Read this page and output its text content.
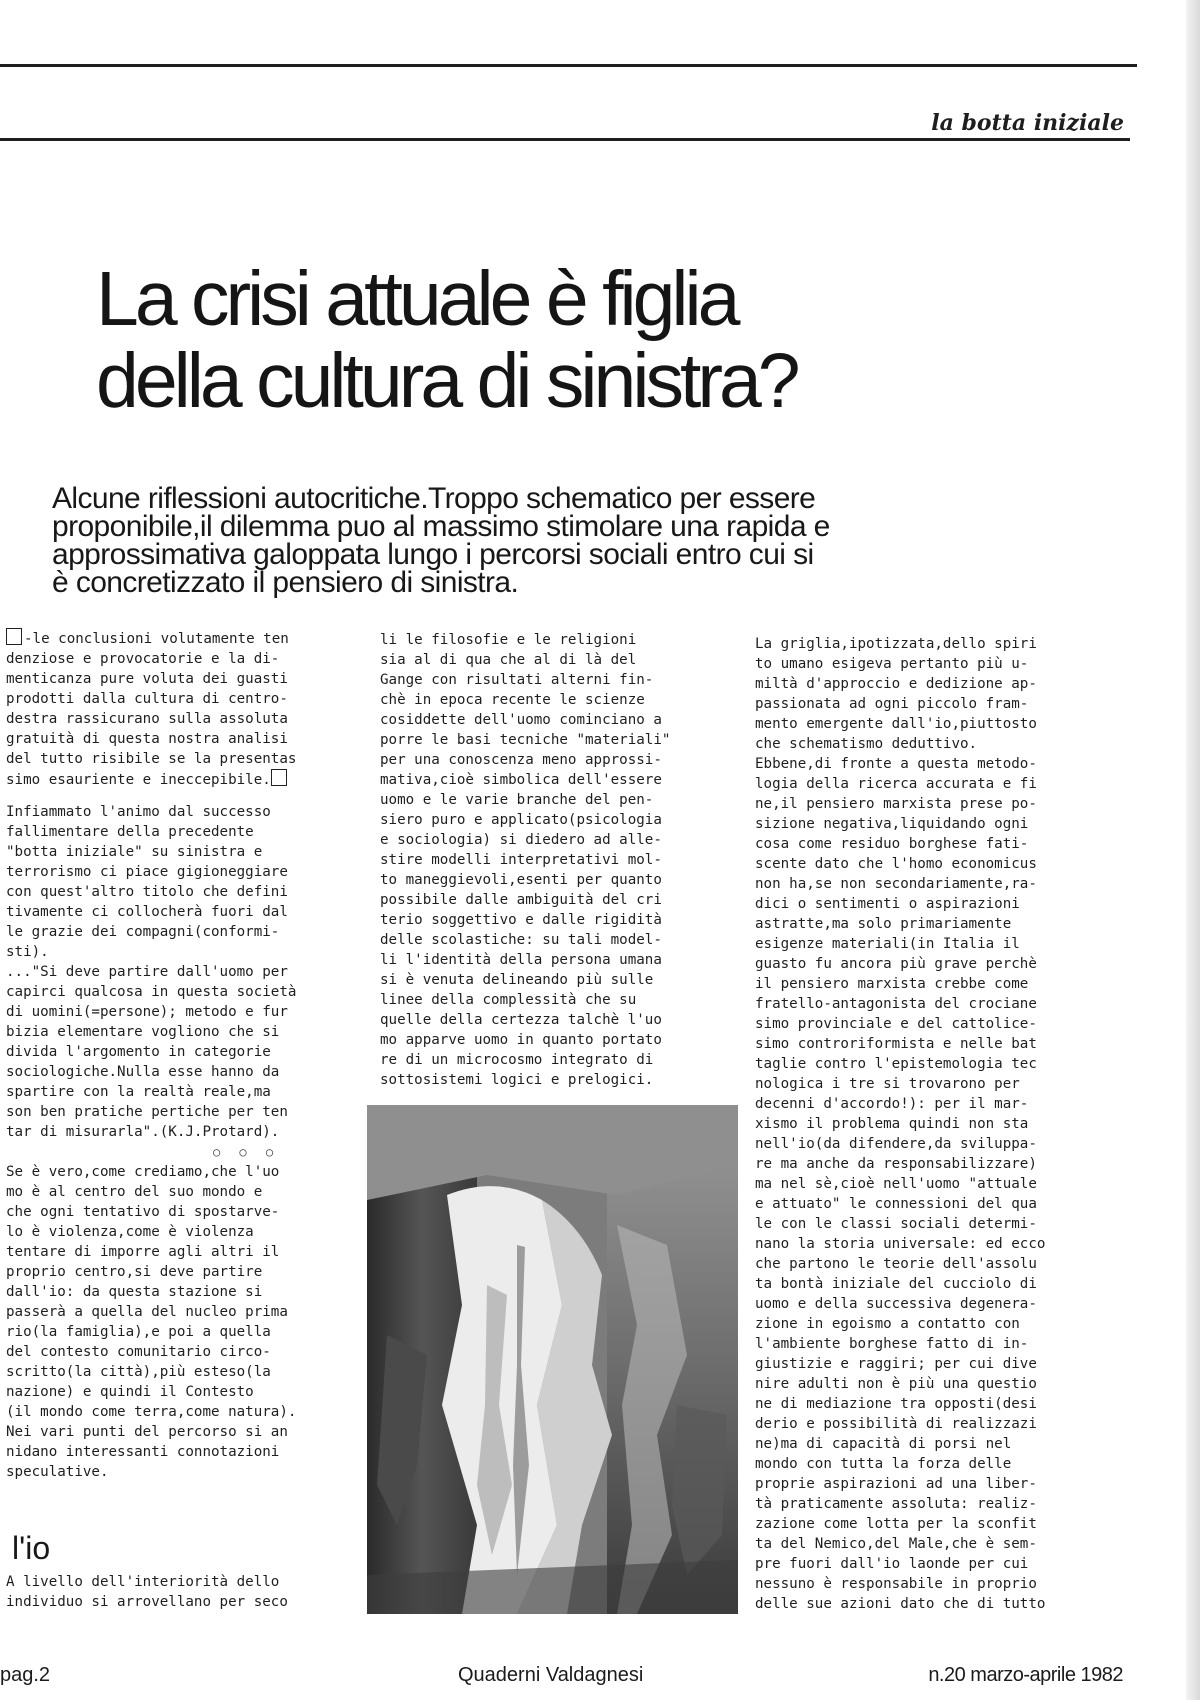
la botta iniziale
La crisi attuale è figlia
della cultura di sinistra?

Alcune riflessioni autocritiche.Troppo schematico per essere
proponibile,il dilemma puo al massimo stimolare una rapida e
approssimativa galoppata lungo i percorsi sociali entro cui si
è concretizzato il pensiero di sinistra.

-le conclusioni volutamente ten
denziose e provocatorie e la di-
menticanza pure voluta dei guasti
prodotti dalla cultura di centro-
destra rassicurano sulla assoluta
gratuità di questa nostra analisi
del tutto risibile se la presentas
simo esauriente e ineccepibile.
Infiammato l'animo dal successo
fallimentare della precedente
"botta iniziale" su sinistra e
terrorismo ci piace gigioneggiare
con quest'altro titolo che defini
tivamente ci collocherà fuori dal
le grazie dei compagni(conformi-
sti).
..."Si deve partire dall'uomo per
capirci qualcosa in questa società
di uomini(=persone); metodo e fur
bizia elementare vogliono che si
divida l'argomento in categorie
sociologiche.Nulla esse hanno da
spartire con la realtà reale,ma
son ben pratiche pertiche per ten
tar di misurarla".(K.J.Protard).
○ ○ ○
Se è vero,come crediamo,che l'uo
mo è al centro del suo mondo e
che ogni tentativo di spostarve-
lo è violenza,come è violenza
tentare di imporre agli altri il
proprio centro,si deve partire
dall'io: da questa stazione si
passerà a quella del nucleo prima
rio(la famiglia),e poi a quella
del contesto comunitario circo-
scritto(la città),più esteso(la
nazione) e quindi il Contesto
(il mondo come terra,come natura).
Nei vari punti del percorso si an
nidano interessanti connotazioni
speculative.
l'io
A livello dell'interiorità dello
individuo si arrovellano per seco
li le filosofie e le religioni
sia al di qua che al di là del
Gange con risultati alterni fin-
chè in epoca recente le scienze
cosiddette dell'uomo cominciano a
porre le basi tecniche "materiali"
per una conoscenza meno approssi-
mativa,cioè simbolica dell'essere
uomo e le varie branche del pen-
siero puro e applicato(psicologia
e sociologia) si diedero ad alle-
stire modelli interpretativi mol-
to maneggievoli,esenti per quanto
possibile dalle ambiguità del cri
terio soggettivo e dalle rigidità
delle scolastiche: su tali model-
li l'identità della persona umana
si è venuta delineando più sulle
linee della complessità che su
quelle della certezza talchè l'uo
mo apparve uomo in quanto portato
re di un microcosmo integrato di
sottosistemi logici e prelogici.
La griglia,ipotizzata,dello spiri
to umano esigeva pertanto più u-
miltà d'approccio e dedizione ap-
passionata ad ogni piccolo fram-
mento emergente dall'io,piuttosto
che schematismo deduttivo.
Ebbene,di fronte a questa metodo-
logia della ricerca accurata e fi
ne,il pensiero marxista prese po-
sizione negativa,liquidando ogni
cosa come residuo borghese fati-
scente dato che l'homo economicus
non ha,se non secondariamente,ra-
dici o sentimenti o aspirazioni
astratte,ma solo primariamente
esigenze materiali(in Italia il
guasto fu ancora più grave perchè
il pensiero marxista crebbe come
fratello-antagonista del crociane
simo provinciale e del cattolice-
simo controriformista e nelle bat
taglie contro l'epistemologia tec
nologica i tre si trovarono per
decenni d'accordo!): per il mar-
xismo il problema quindi non sta
nell'io(da difendere,da sviluppa-
re ma anche da responsabilizzare)
ma nel sè,cioè nell'uomo "attuale
e attuato" le connessioni del qua
le con le classi sociali determi-
nano la storia universale: ed ecco
che partono le teorie dell'assolu
ta bontà iniziale del cucciolo di
uomo e della successiva degenera-
zione in egoismo a contatto con
l'ambiente borghese fatto di in-
giustizie e raggiri; per cui dive
nire adulti non è più una questio
ne di mediazione tra opposti(desi
derio e possibilità di realizzazi
ne)ma di capacità di porsi nel
mondo con tutta la forza delle
proprie aspirazioni ad una liber-
tà praticamente assoluta: realiz-
zazione come lotta per la sconfit
ta del Nemico,del Male,che è sem-
pre fuori dall'io laonde per cui
nessuno è responsabile in proprio
delle sue azioni dato che di tutto
pag.2	Quaderni Valdagnesi	n.20 marzo-aprile 1982
